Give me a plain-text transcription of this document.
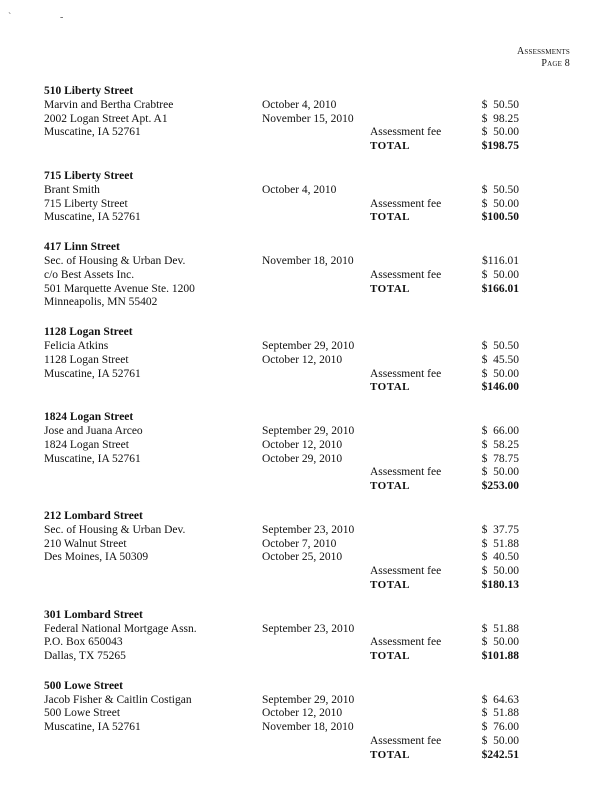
`	-
Assessments
Page 8
510 Liberty Street
Marvin and Bertha Crabtree	October 4, 2010	$  50.50
2002 Logan Street Apt. A1	November 15, 2010	$  98.25
Muscatine, IA 52761	Assessment fee	$  50.00
TOTAL	$198.75
715 Liberty Street
Brant Smith	October 4, 2010	$  50.50
715 Liberty Street	Assessment fee	$  50.00
Muscatine, IA 52761	TOTAL	$100.50
417 Linn Street
Sec. of Housing & Urban Dev.	November 18, 2010	$116.01
c/o Best Assets Inc.	Assessment fee	$  50.00
501 Marquette Avenue Ste. 1200	TOTAL	$166.01
Minneapolis, MN 55402
1128 Logan Street
Felicia Atkins	September 29, 2010	$  50.50
1128 Logan Street	October 12, 2010	$  45.50
Muscatine, IA 52761	Assessment fee	$  50.00
TOTAL	$146.00
1824 Logan Street
Jose and Juana Arceo	September 29, 2010	$  66.00
1824 Logan Street	October 12, 2010	$  58.25
Muscatine, IA 52761	October 29, 2010	$  78.75
Assessment fee	$  50.00
TOTAL	$253.00
212 Lombard Street
Sec. of Housing & Urban Dev.	September 23, 2010	$  37.75
210 Walnut Street	October 7, 2010	$  51.88
Des Moines, IA 50309	October 25, 2010	$  40.50
Assessment fee	$  50.00
TOTAL	$180.13
301 Lombard Street
Federal National Mortgage Assn.	September 23, 2010	$  51.88
P.O. Box 650043	Assessment fee	$  50.00
Dallas, TX 75265	TOTAL	$101.88
500 Lowe Street
Jacob Fisher & Caitlin Costigan	September 29, 2010	$  64.63
500 Lowe Street	October 12, 2010	$  51.88
Muscatine, IA 52761	November 18, 2010	$  76.00
Assessment fee	$  50.00
TOTAL	$242.51
